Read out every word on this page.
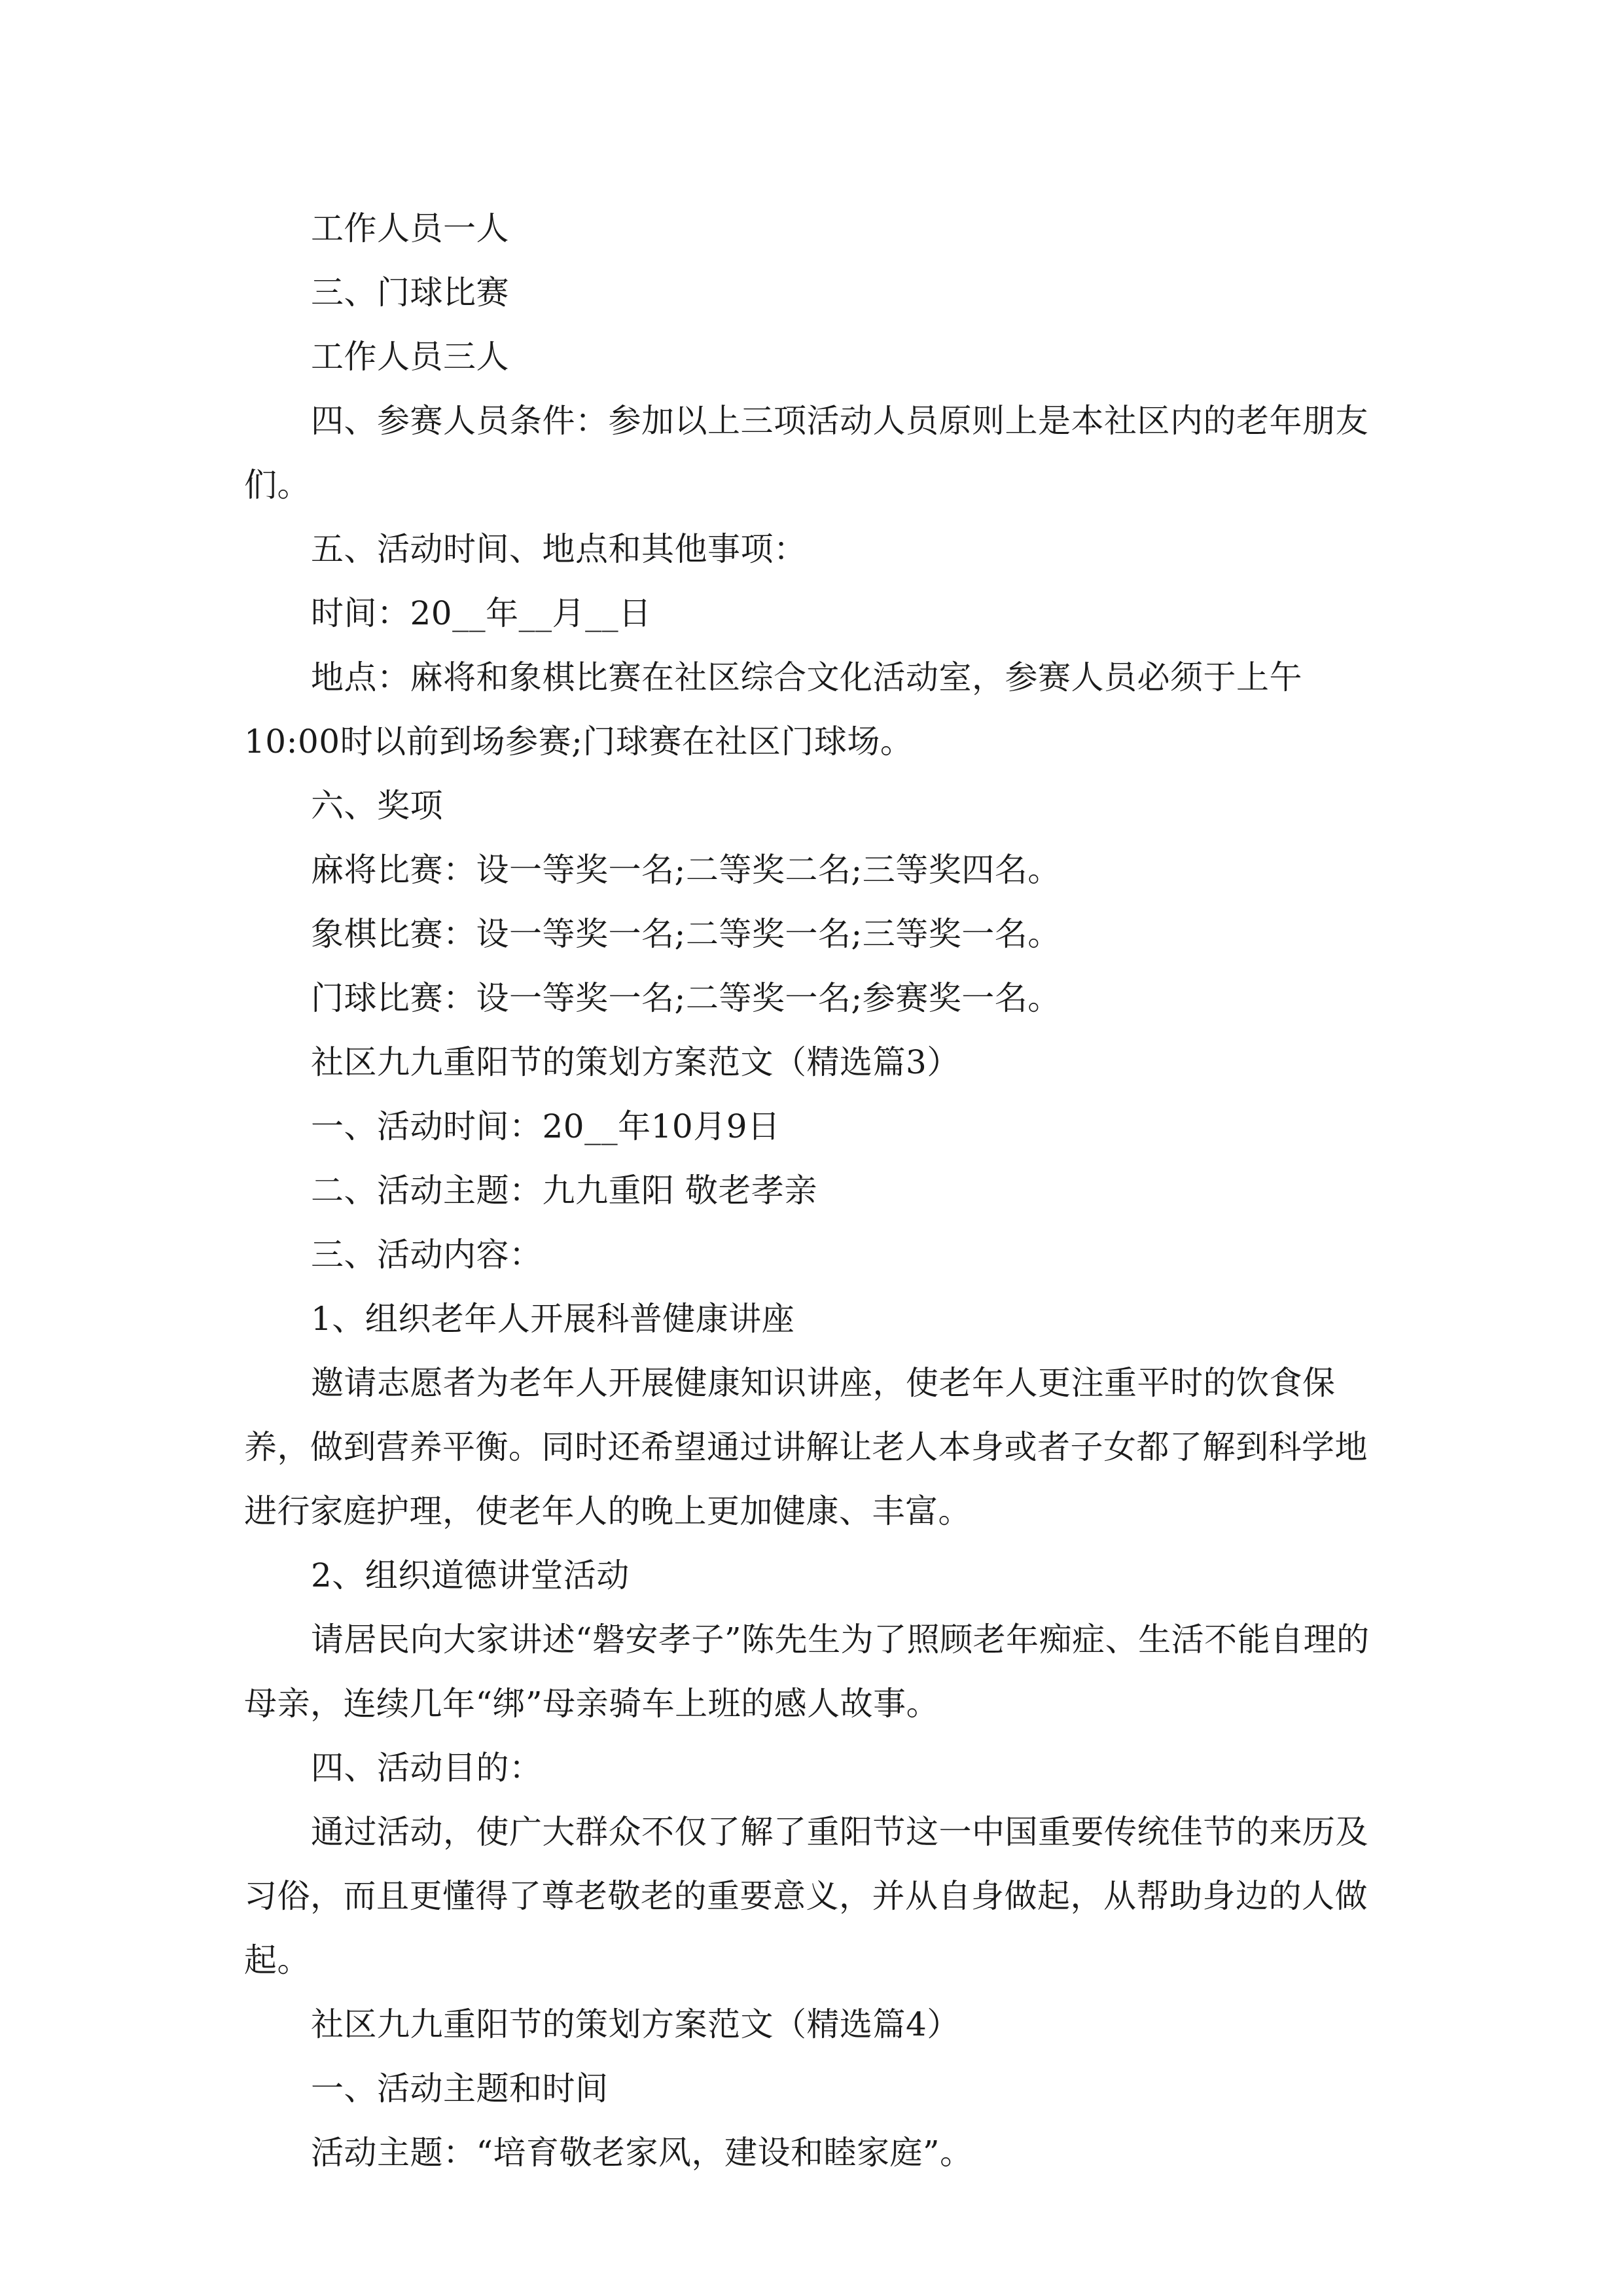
工作人员一人

三、门球比赛

工作人员三人

四、参赛人员条件：参加以上三项活动人员原则上是本社区内的老年朋友们。

五、活动时间、地点和其他事项：

时间：20__年__月__日

地点：麻将和象棋比赛在社区综合文化活动室，参赛人员必须于上午10:00时以前到场参赛;门球赛在社区门球场。

六、奖项

麻将比赛：设一等奖一名;二等奖二名;三等奖四名。

象棋比赛：设一等奖一名;二等奖一名;三等奖一名。

门球比赛：设一等奖一名;二等奖一名;参赛奖一名。

社区九九重阳节的策划方案范文（精选篇3）

一、活动时间：20__年10月9日

二、活动主题：九九重阳 敬老孝亲

三、活动内容：

1、组织老年人开展科普健康讲座

邀请志愿者为老年人开展健康知识讲座，使老年人更注重平时的饮食保养，做到营养平衡。同时还希望通过讲解让老人本身或者子女都了解到科学地进行家庭护理，使老年人的晚上更加健康、丰富。

2、组织道德讲堂活动

请居民向大家讲述“磐安孝子”陈先生为了照顾老年痴症、生活不能自理的母亲，连续几年“绑”母亲骑车上班的感人故事。

四、活动目的：

通过活动，使广大群众不仅了解了重阳节这一中国重要传统佳节的来历及习俗，而且更懂得了尊老敬老的重要意义，并从自身做起，从帮助身边的人做起。

社区九九重阳节的策划方案范文（精选篇4）

一、活动主题和时间

活动主题：“培育敬老家风，建设和睦家庭”。
